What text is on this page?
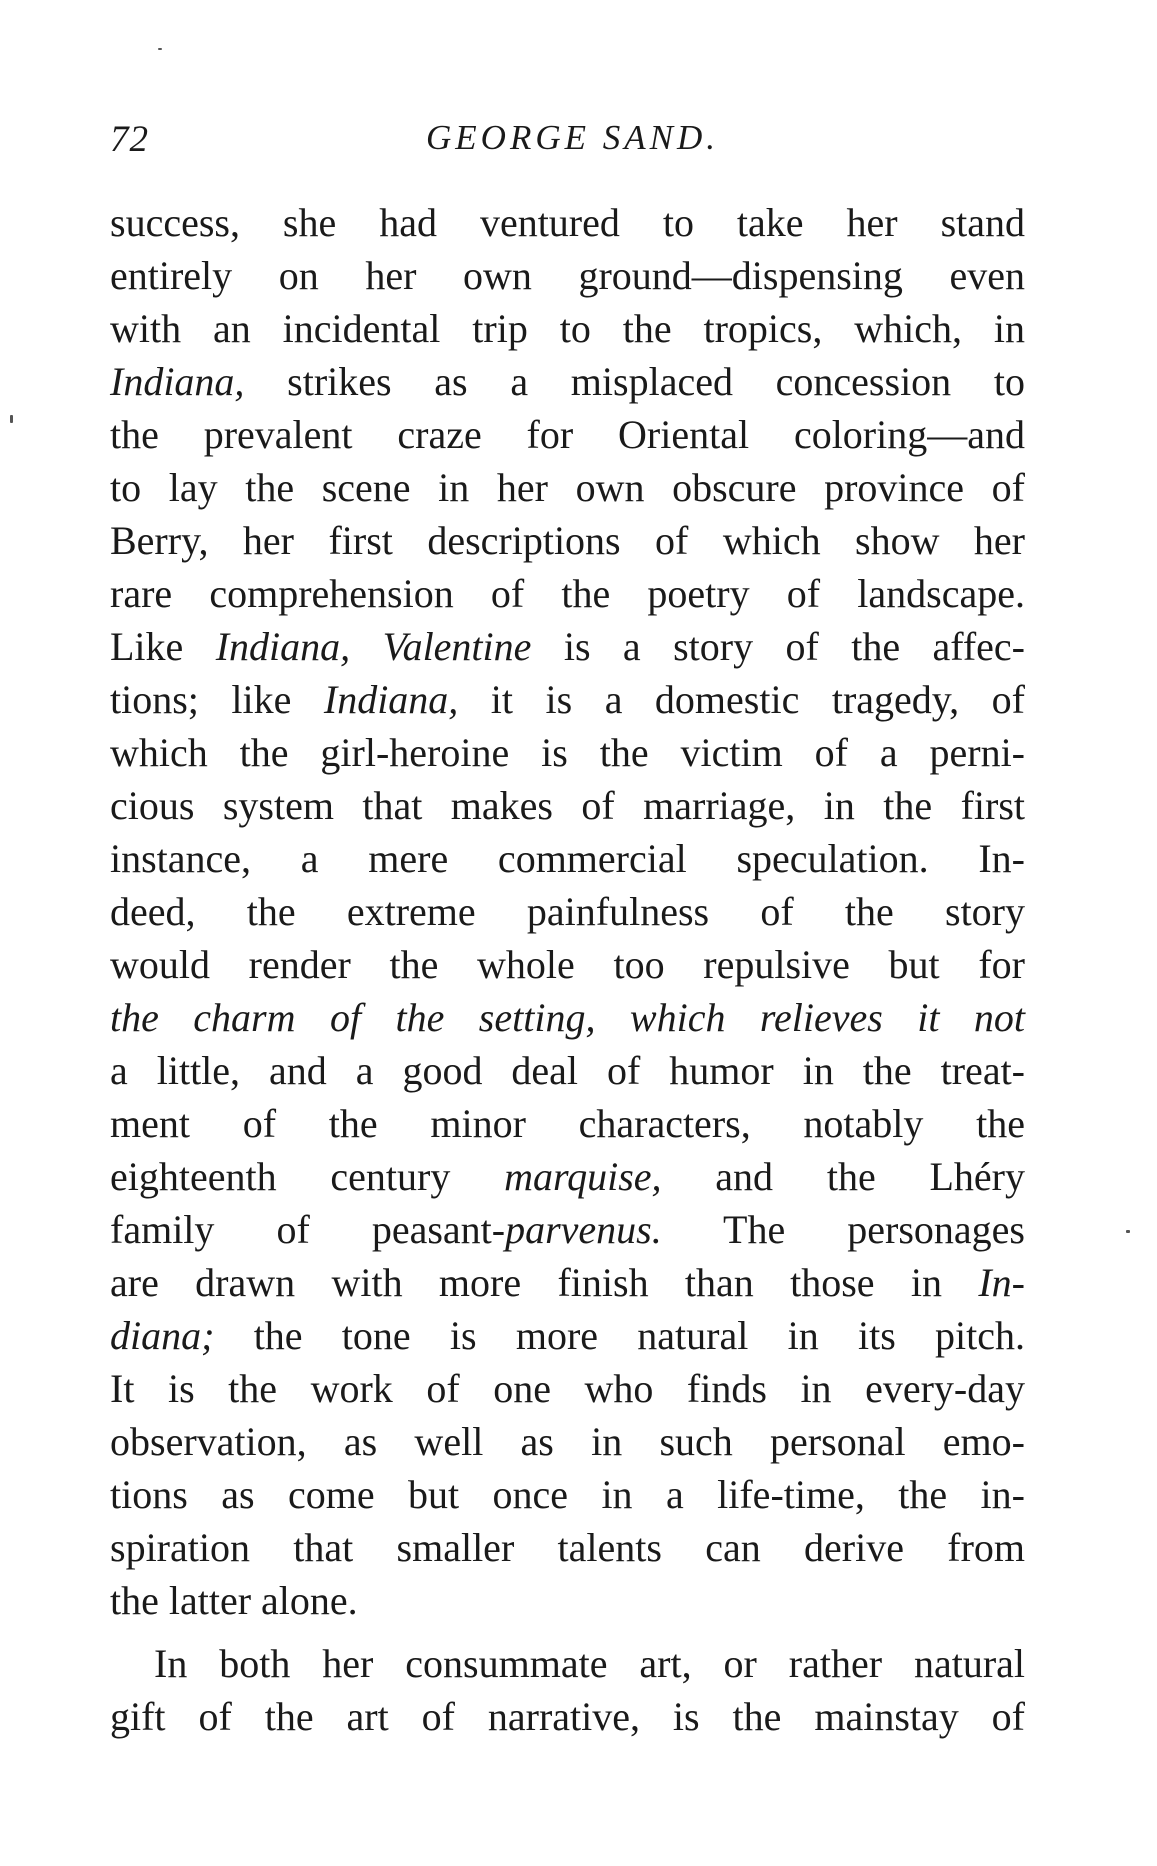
72	GEORGE SAND.
success, she had ventured to take her stand
entirely on her own ground—dispensing even
with an incidental trip to the tropics, which, in
Indiana, strikes as a misplaced concession to
the prevalent craze for Oriental coloring—and
to lay the scene in her own obscure province of
Berry, her first descriptions of which show her
rare comprehension of the poetry of landscape.
Like Indiana, Valentine is a story of the affec-
tions; like Indiana, it is a domestic tragedy, of
which the girl-heroine is the victim of a perni-
cious system that makes of marriage, in the first
instance, a mere commercial speculation. In-
deed, the extreme painfulness of the story
would render the whole too repulsive but for
the charm of the setting, which relieves it not
a little, and a good deal of humor in the treat-
ment of the minor characters, notably the
eighteenth century marquise, and the Lhéry
family of peasant-parvenus. The personages
are drawn with more finish than those in In-
diana; the tone is more natural in its pitch.
It is the work of one who finds in every-day
observation, as well as in such personal emo-
tions as come but once in a life-time, the in-
spiration that smaller talents can derive from
the latter alone.
In both her consummate art, or rather natural
gift of the art of narrative, is the mainstay of
